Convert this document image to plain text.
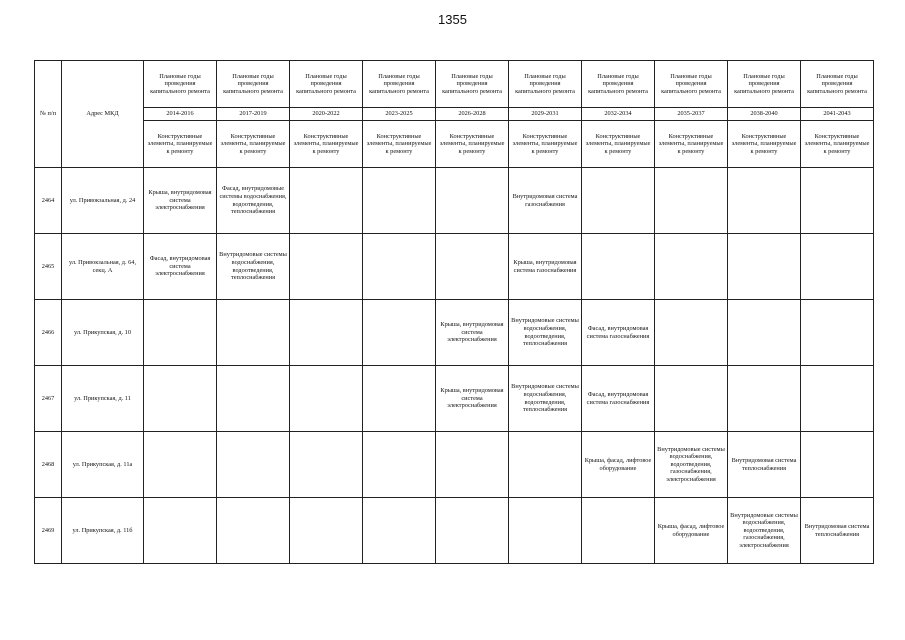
1355
№ п/п	Адрес МКД	Плановые годы проведения капитального ремонта	Плановые годы проведения капитального ремонта	Плановые годы проведения капитального ремонта	Плановые годы проведения капитального ремонта	Плановые годы проведения капитального ремонта	Плановые годы проведения капитального ремонта	Плановые годы проведения капитального ремонта	Плановые годы проведения капитального ремонта	Плановые годы проведения капитального ремонта	Плановые годы проведения капитального ремонта
		2014-2016	2017-2019	2020-2022	2023-2025	2026-2028	2029-2031	2032-2034	2035-2037	2038-2040	2041-2043
		Конструктивные элементы, планируемые к ремонту	Конструктивные элементы, планируемые к ремонту	Конструктивные элементы, планируемые к ремонту	Конструктивные элементы, планируемые к ремонту	Конструктивные элементы, планируемые к ремонту	Конструктивные элементы, планируемые к ремонту	Конструктивные элементы, планируемые к ремонту	Конструктивные элементы, планируемые к ремонту	Конструктивные элементы, планируемые к ремонту	Конструктивные элементы, планируемые к ремонту
2464	ул. Привокзальная, д. 24	Крыша, внутридомовая система электроснабжения	Фасад, внутридомовые системы водоснабжения, водоотведения, теплоснабжения				Внутридомовая система газоснабжения				
2465	ул. Привокзальная, д. 64, секц. А	Фасад, внутридомовая система электроснабжения	Внутридомовые системы водоснабжения, водоотведения, теплоснабжения				Крыша, внутридомовая система газоснабжения				
2466	ул. Прикупская, д. 10					Крыша, внутридомовая система электроснабжения	Внутридомовые системы водоснабжения, водоотведения, теплоснабжения	Фасад, внутридомовая система газоснабжения			
2467	ул. Прикупская, д. 11					Крыша, внутридомовая система электроснабжения	Внутридомовые системы водоснабжения, водоотведения, теплоснабжения	Фасад, внутридомовая система газоснабжения			
2468	ул. Прикупская, д. 11а							Крыша, фасад, лифтовое оборудование	Внутридомовые системы водоснабжения, водоотведения, газоснабжения, электроснабжения	Внутридомовая система теплоснабжения	
2469	ул. Прикупская, д. 11б								Крыша, фасад, лифтовое оборудование	Внутридомовые системы водоснабжения, водоотведения, газоснабжения, электроснабжения	Внутридомовая система теплоснабжения
